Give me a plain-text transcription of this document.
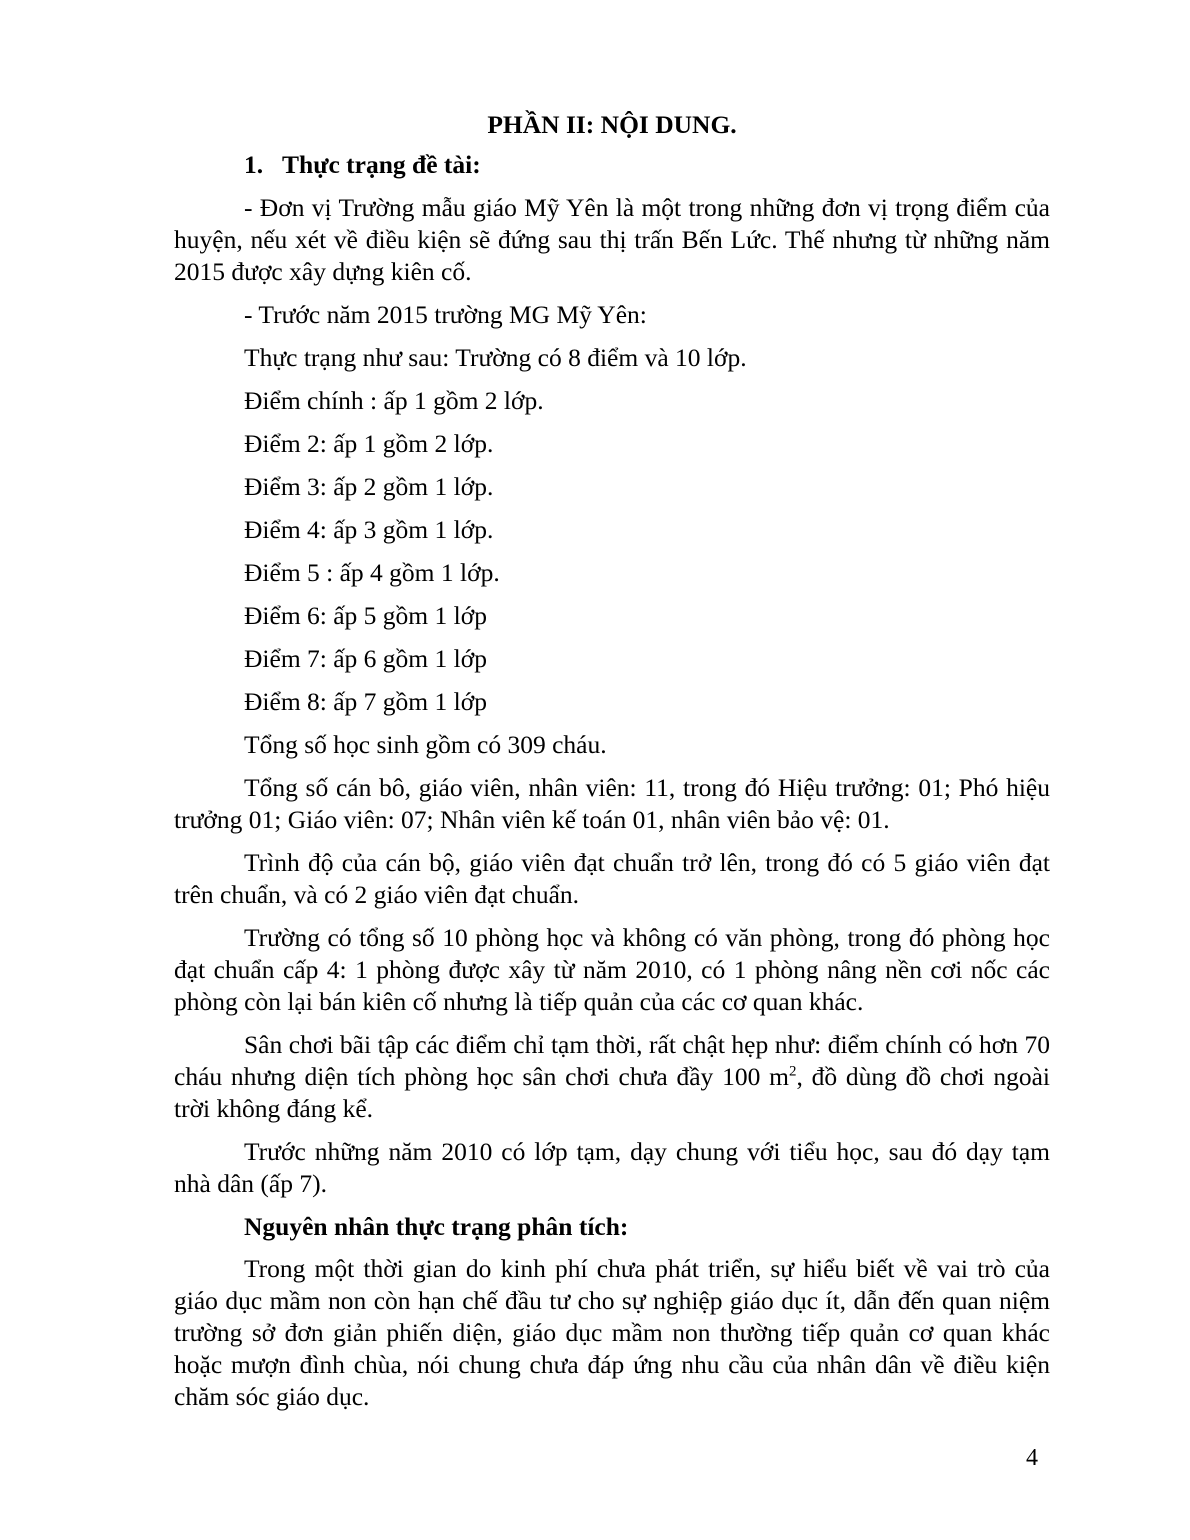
PHẦN II: NỘI DUNG.
1. Thực trạng đề tài:

- Đơn vị Trường mẫu giáo Mỹ Yên là một trong những đơn vị trọng điểm của huyện, nếu xét về điều kiện sẽ đứng sau thị trấn Bến Lức. Thế nhưng từ những năm 2015 được xây dựng kiên cố.

- Trước năm 2015 trường MG Mỹ Yên:

Thực trạng như sau: Trường có 8 điểm và 10 lớp.

Điểm chính : ấp 1 gồm 2 lớp.

Điểm 2: ấp 1 gồm 2 lớp.

Điểm 3: ấp 2 gồm 1 lớp.

Điểm 4: ấp 3 gồm 1 lớp.

Điểm 5 : ấp 4 gồm 1 lớp.

Điểm 6: ấp 5 gồm 1 lớp

Điểm 7: ấp 6 gồm 1 lớp

Điểm 8: ấp 7 gồm 1 lớp

Tổng số học sinh gồm có 309 cháu.

Tổng số cán bô, giáo viên, nhân viên: 11, trong đó Hiệu trưởng: 01; Phó hiệu trưởng 01; Giáo viên: 07; Nhân viên kế toán 01, nhân viên bảo vệ: 01.

Trình độ của cán bộ, giáo viên đạt chuẩn trở lên, trong đó có 5 giáo viên đạt trên chuẩn, và có 2 giáo viên đạt chuẩn.

Trường có tổng số 10 phòng học và không có văn phòng, trong đó phòng học đạt chuẩn cấp 4: 1 phòng được xây từ năm 2010, có 1 phòng nâng nền cơi nốc các phòng còn lại bán kiên cố nhưng là tiếp quản của các cơ quan khác.

Sân chơi bãi tập các điểm chỉ tạm thời, rất chật hẹp như: điểm chính có hơn 70 cháu nhưng diện tích phòng học sân chơi chưa đầy 100 $m^2$, đồ dùng đồ chơi ngoài trời không đáng kể.

Trước những năm 2010 có lớp tạm, dạy chung với tiểu học, sau đó dạy tạm nhà dân (ấp 7).

Nguyên nhân thực trạng phân tích:

Trong một thời gian do kinh phí chưa phát triển, sự hiểu biết về vai trò của giáo dục mầm non còn hạn chế đầu tư cho sự nghiệp giáo dục ít, dẫn đến quan niệm trường sở đơn giản phiến diện, giáo dục mầm non thường tiếp quản cơ quan khác hoặc mượn đình chùa, nói chung chưa đáp ứng nhu cầu của nhân dân về điều kiện chăm sóc giáo dục.

4
